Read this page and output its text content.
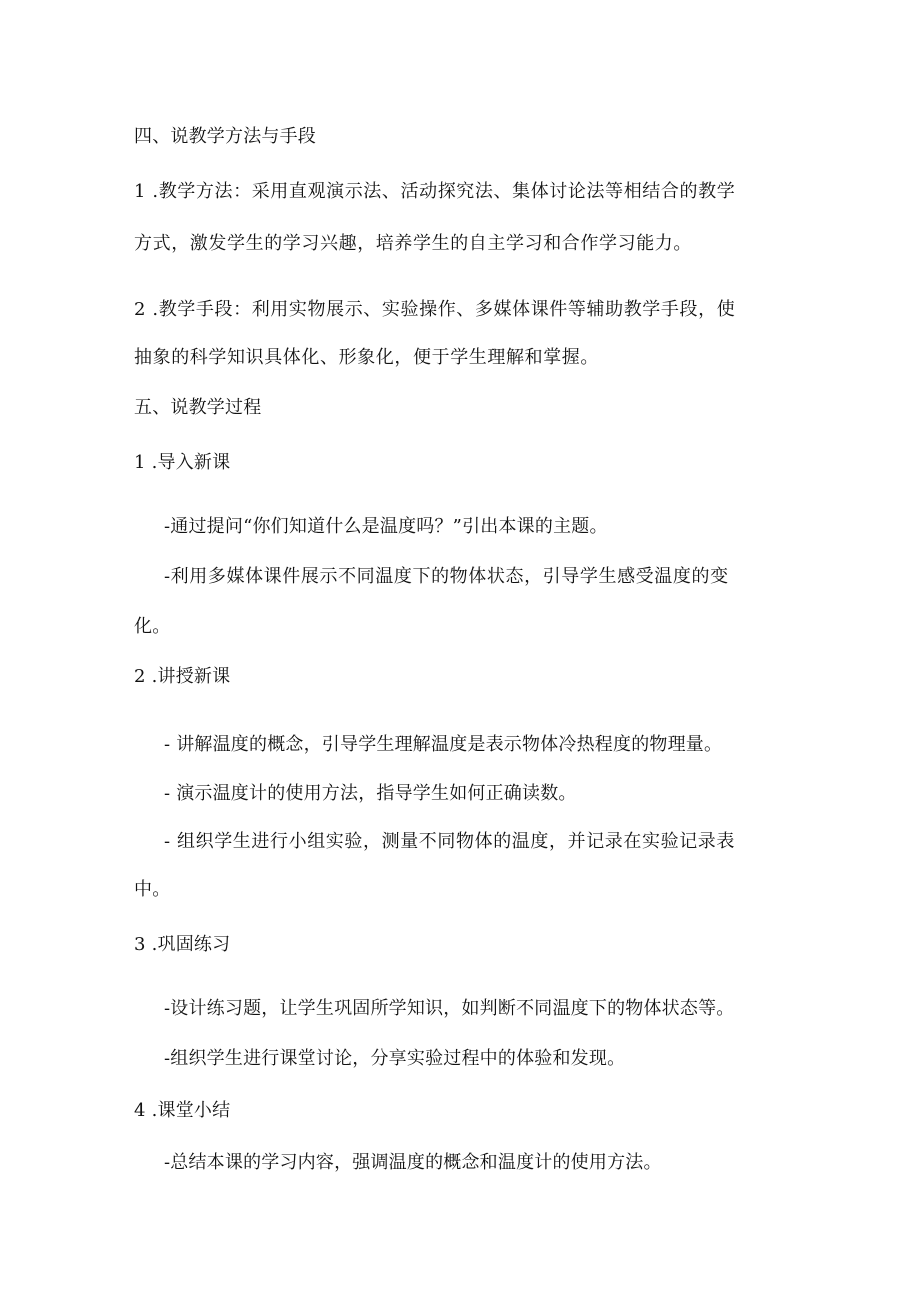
四、说教学方法与手段
1 .教学方法：采用直观演示法、活动探究法、集体讨论法等相结合的教学
方式，激发学生的学习兴趣，培养学生的自主学习和合作学习能力。
2 .教学手段：利用实物展示、实验操作、多媒体课件等辅助教学手段，使
抽象的科学知识具体化、形象化，便于学生理解和掌握。
五、说教学过程
1 .导入新课
-通过提问“你们知道什么是温度吗？”引出本课的主题。
-利用多媒体课件展示不同温度下的物体状态，引导学生感受温度的变
化。
2 .讲授新课
- 讲解温度的概念，引导学生理解温度是表示物体冷热程度的物理量。
- 演示温度计的使用方法，指导学生如何正确读数。
- 组织学生进行小组实验，测量不同物体的温度，并记录在实验记录表
中。
3 .巩固练习
-设计练习题，让学生巩固所学知识，如判断不同温度下的物体状态等。
-组织学生进行课堂讨论，分享实验过程中的体验和发现。
4 .课堂小结
-总结本课的学习内容，强调温度的概念和温度计的使用方法。
